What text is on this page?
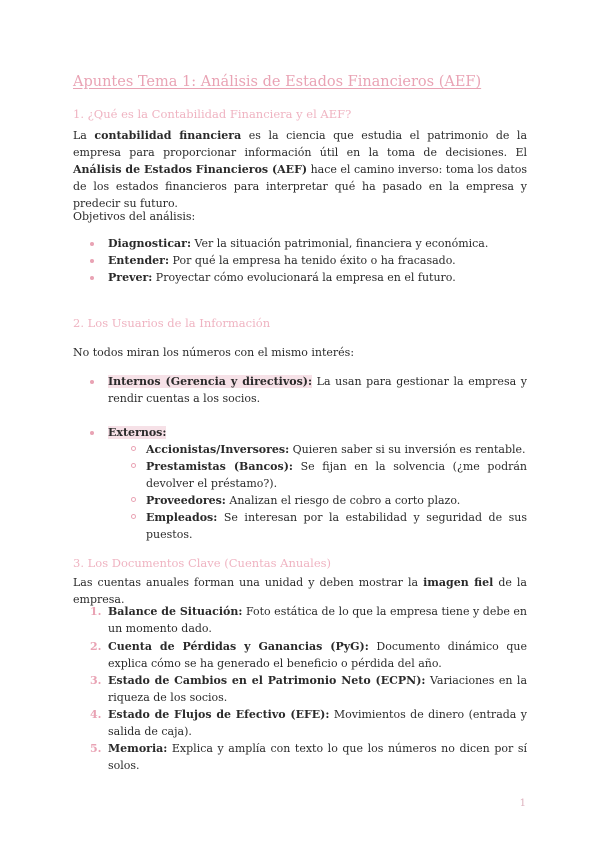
Apuntes Tema 1: Análisis de Estados Financieros (AEF)
1. ¿Qué es la Contabilidad Financiera y el AEF?
La contabilidad financiera es la ciencia que estudia el patrimonio de la empresa para proporcionar información útil en la toma de decisiones. El Análisis de Estados Financieros (AEF) hace el camino inverso: toma los datos de los estados financieros para interpretar qué ha pasado en la empresa y predecir su futuro.
Objetivos del análisis:
Diagnosticar: Ver la situación patrimonial, financiera y económica.
Entender: Por qué la empresa ha tenido éxito o ha fracasado.
Prever: Proyectar cómo evolucionará la empresa en el futuro.
2. Los Usuarios de la Información
No todos miran los números con el mismo interés:
Internos (Gerencia y directivos): La usan para gestionar la empresa y rendir cuentas a los socios.
Externos:
Accionistas/Inversores: Quieren saber si su inversión es rentable.
Prestamistas (Bancos): Se fijan en la solvencia (¿me podrán devolver el préstamo?).
Proveedores: Analizan el riesgo de cobro a corto plazo.
Empleados: Se interesan por la estabilidad y seguridad de sus puestos.
3. Los Documentos Clave (Cuentas Anuales)
Las cuentas anuales forman una unidad y deben mostrar la imagen fiel de la empresa.
1. Balance de Situación: Foto estática de lo que la empresa tiene y debe en un momento dado.
2. Cuenta de Pérdidas y Ganancias (PyG): Documento dinámico que explica cómo se ha generado el beneficio o pérdida del año.
3. Estado de Cambios en el Patrimonio Neto (ECPN): Variaciones en la riqueza de los socios.
4. Estado de Flujos de Efectivo (EFE): Movimientos de dinero (entrada y salida de caja).
5. Memoria: Explica y amplía con texto lo que los números no dicen por sí solos.
1
